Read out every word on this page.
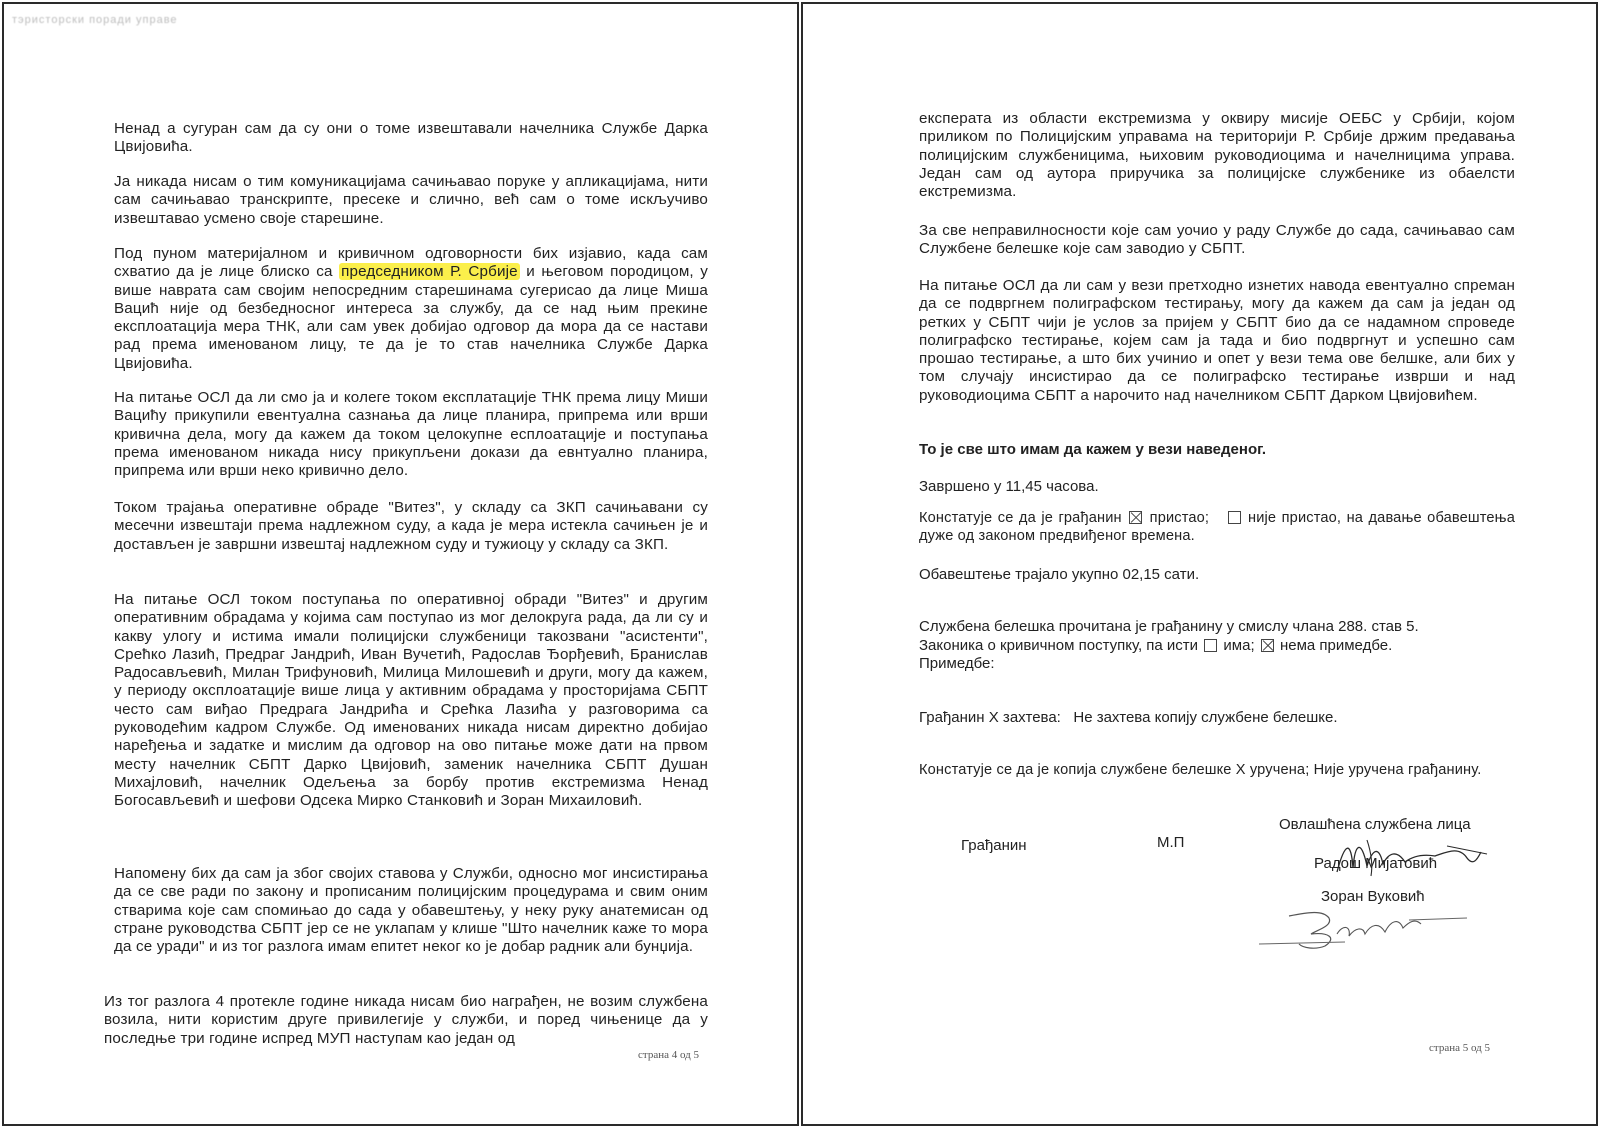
тэристорски поради управе

Ненад а сугуран сам да су они о томе извештавали начелника Службе Дарка Цвијовића.

Ја никада нисам о тим комуникацијама сачињавао поруке у апликацијама, нити сам сачињавао транскрипте, пресеке и слично, већ сам о томе искључиво извештавао усмено своје старешине.

Под пуном материјалном и кривичном одговорности бих изјавио, када сам схватио да је лице блиско са председником Р. Србије и његовом породицом, у више наврата сам својим непосредним старешинама сугерисао да лице Миша Вацић није од безбедносног интереса за службу, да се над њим прекине експлоатација мера ТНК, али сам увек добијао одговор да мора да се настави рад према именованом лицу, те да је то став начелника Службе Дарка Цвијовића.

На питање ОСЛ да ли смо ја и колеге током експлатације ТНК према лицу Миши Вацићу прикупили евентуална сазнања да лице планира, припрема или врши кривична дела, могу да кажем да током целокупне есплоатације и поступања према именованом никада нису прикупљени докази да евнтуално планира, припрема или врши неко кривично дело.

Током трајања оперативне обраде "Витез", у складу са ЗКП сачињавани су месечни извештаји према надлежном суду, а када је мера истекла сачињен је и достављен је завршни извештај надлежном суду и тужиоцу у складу са ЗКП.

На питање ОСЛ током поступања по оперативној обради "Витез" и другим оперативним обрадама у којима сам поступао из мог делокруга рада, да ли су и какву улогу и истима имали полицијски службеници такозвани "асистенти", Срећко Лазић, Предраг Јандрић, Иван Вучетић, Радослав Ђорђевић, Бранислав Радосављевић, Милан Трифуновић, Милица Милошевић и други, могу да кажем, у периоду оксплоатације више лица у активним обрадама у просторијама СБПТ често сам виђао Предрага Јандрића и Срећка Лазића у разговорима са руководећим кадром Службе. Од именованих никада нисам директно добијао наређења и задатке и мислим да одговор на ово питање може дати на првом месту начелник СБПТ Дарко Цвијовић, заменик начелника СБПТ Душан Михајловић, начелник Одељења за борбу против екстремизма Ненад Богосављевић и шефови Одсека Мирко Станковић и Зоран Михаиловић.

Напомену бих да сам ја због својих ставова у Служби, односно мог инсистирања да се све ради по закону и прописаним полицијским процедурама и свим оним стварима које сам спомињао до сада у обавештењу, у неку руку анатемисан од стране руководства СБПТ јер се не уклапам у клише "Што начелник каже то мора да се уради" и из тог разлога имам епитет неког ко је добар радник али бунџија.

Из тог разлога 4 протекле године никада нисам био награђен, не возим службена возила, нити користим друге привилегије у служби, и поред чињенице да у последње три године испред МУП наступам као један од

страна 4 од 5

експерата из области екстремизма у оквиру мисије ОЕБС у Србији, којом приликом по Полицијским управама на територији Р. Србије држим предавања полицијским службеницима, њиховим руководиоцима и начелницима управа. Један сам од аутора приручика за полицијске службенике из обаелсти екстремизма.

За све неправилносности које сам уочио у раду Службе до сада, сачињавао сам Службене белешке које сам заводио у СБПТ.

На питање ОСЛ да ли сам у вези претходно изнетих навода евентуално спреман да се подвргнем полиграфском тестирању, могу да кажем да сам ја један од ретких у СБПТ чији је услов за пријем у СБПТ био да се надамном спроведе полиграфско тестирање, којем сам ја тада и био подвргнут и успешно сам прошао тестирање, а што бих учинио и опет у вези тема ове белшке, али бих у том случају инсистирао да се полиграфско тестирање изврши и над руководиоцима СБПТ а нарочито над начелником СБПТ Дарком Цвијовићем.

То је све што имам да кажем у вези наведеног.
Завршено у 11,45 часова.

Констатује се да је грађанин пристао;	није пристао, на давање обавештења дуже од законом предвиђеног времена.

Обавештење трајало укупно 02,15 сати.
Службена белешка прочитана је грађанину у смислу члана 288. став 5.
Законика о кривичном поступку, па исти има; нема примедбе.
Примедбе:
Грађанин X захтева: Не захтева копију службене белешке.

Констатује се да је копија службене белешке X уручена; Није уручена грађанину.

Овлашћена службена лица
Грађанин	М.П
Радош Мијатовић
Зоран Вуковић
страна 5 од 5
